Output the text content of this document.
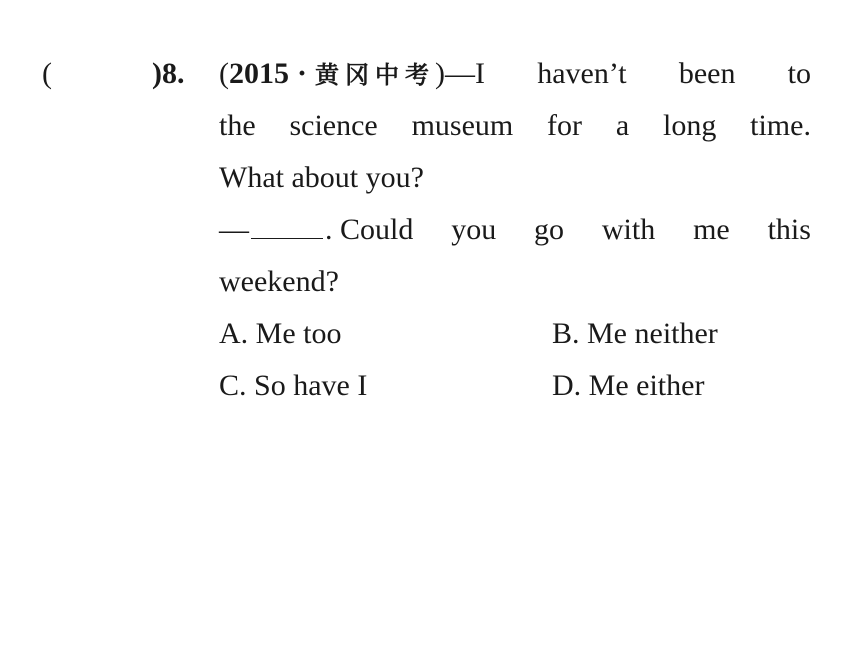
(	)8. (2015 · 黄冈中考)—I haven’t been to
the science museum for a long time.
What about you?
—	. Could you go with me this
weekend?
A. Me too	B. Me neither
C. So have I	D. Me either
